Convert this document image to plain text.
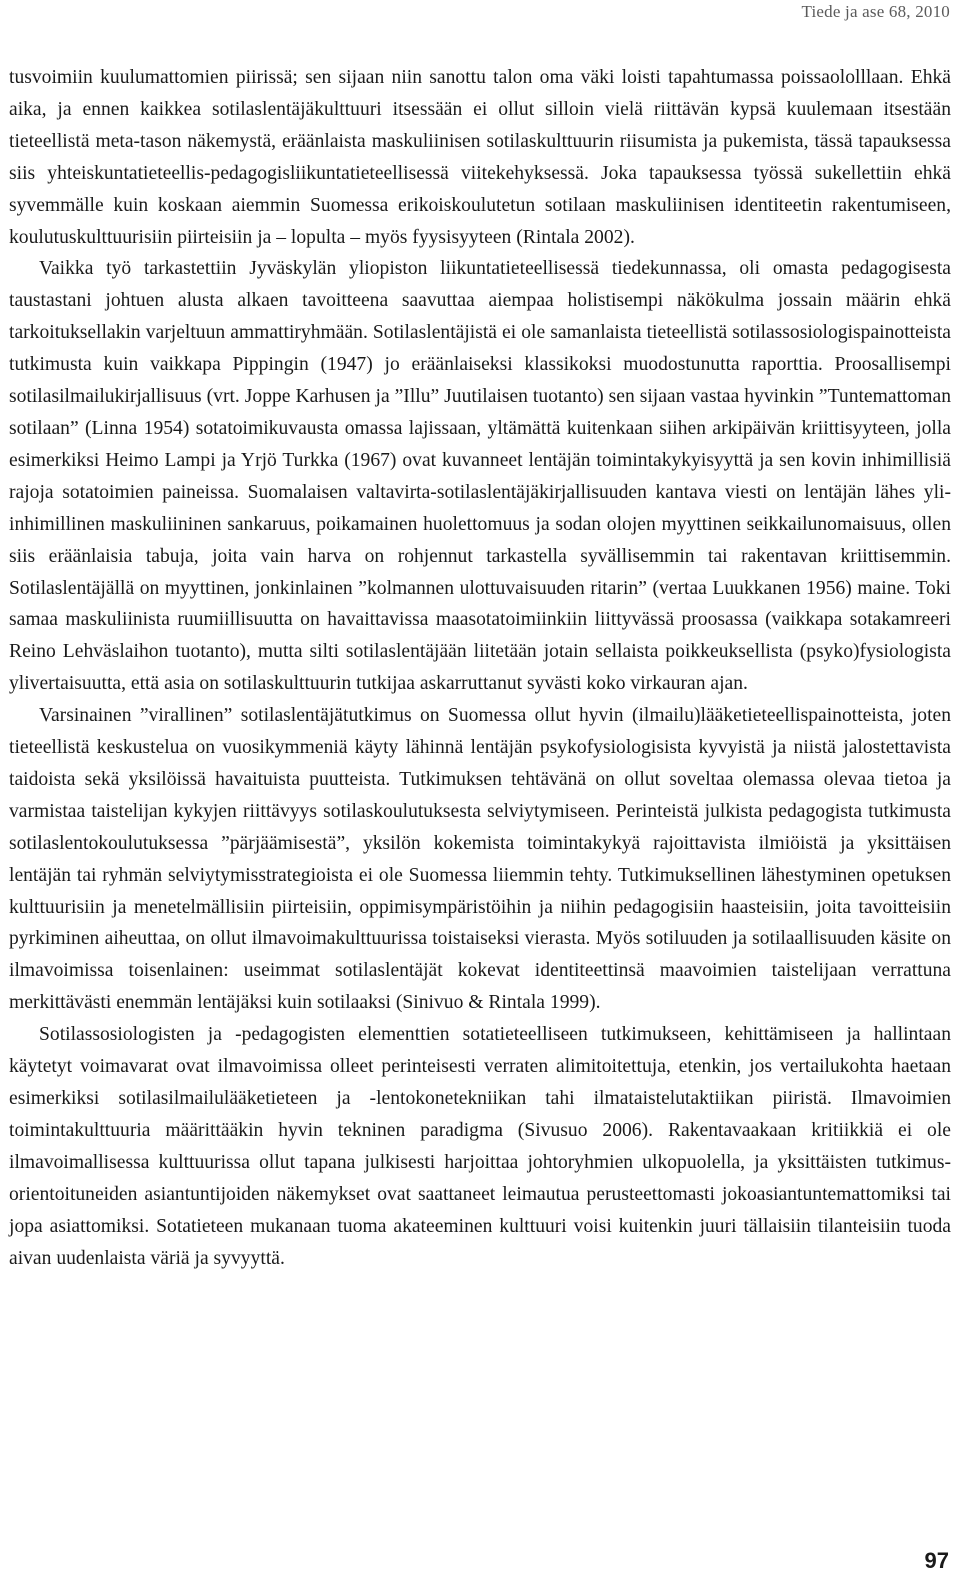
Tiede ja ase 68, 2010

tusvoimiin kuulumattomien piirissä; sen sijaan niin sanottu talon oma väki loisti tapahtumassa poissaololllaan. Ehkä aika, ja ennen kaikkea sotilaslentäjäkulttuuri itsessään ei ollut silloin vielä riittävän kypsä kuulemaan itsestään tieteellistä meta-tason näkemystä, eräänlaista maskuliinisen sotilaskulttuurin riisumista ja pukemista, tässä tapauksessa siis yhteiskuntatieteellis-pedagogisliikuntatieteellisessä viitekehyksessä. Joka tapauksessa työssä sukellettiin ehkä syvemmälle kuin koskaan aiemmin Suomessa erikoiskoulutetun sotilaan maskuliinisen identiteetin rakentumiseen, koulutuskulttuurisiin piirteisiin ja – lopulta – myös fyysisyyteen (Rintala 2002).

Vaikka työ tarkastettiin Jyväskylän yliopiston liikuntatieteellisessä tiedekunnassa, oli omasta pedagogisesta taustastani johtuen alusta alkaen tavoitteena saavuttaa aiempaa holistisempi näkökulma jossain määrin ehkä tarkoituksellakin varjeltuun ammattiryhmään. Sotilaslentäjistä ei ole samanlaista tieteellistä sotilassosiologispainotteista tutkimusta kuin vaikkapa Pippingin (1947) jo eräänlaiseksi klassikoksi muodostunutta raporttia. Proosallisempi sotilasilmailukirjallisuus (vrt. Joppe Karhusen ja ”Illu” Juutilaisen tuotanto) sen sijaan vastaa hyvinkin ”Tuntemattoman sotilaan” (Linna 1954) sotatoimikuvausta omassa lajissaan, yltämättä kuitenkaan siihen arkipäivän kriittisyyteen, jolla esimerkiksi Heimo Lampi ja Yrjö Turkka (1967) ovat kuvanneet lentäjän toimintakykyisyyttä ja sen kovin inhimillisiä rajoja sotatoimien paineissa. Suomalaisen valtavirta-sotilaslentäjäkirjallisuuden kantava viesti on lentäjän lähes yli-inhimillinen maskuliininen sankaruus, poikamainen huolettomuus ja sodan olojen myyttinen seikkailunomaisuus, ollen siis eräänlaisia tabuja, joita vain harva on rohjennut tarkastella syvällisemmin tai rakentavan kriittisemmin. Sotilaslentäjällä on myyttinen, jonkinlainen ”kolmannen ulottuvaisuuden ritarin” (vertaa Luukkanen 1956) maine. Toki samaa maskuliinista ruumiillisuutta on havaittavissa maasotatoimiinkiin liittyvässä proosassa (vaikkapa sotakamreeri Reino Lehväslaihon tuotanto), mutta silti sotilaslentäjään liitetään jotain sellaista poikkeuksellista (psyko)fysiologista ylivertaisuutta, että asia on sotilaskulttuurin tutkijaa askarruttanut syvästi koko virkauran ajan.

Varsinainen ”virallinen” sotilaslentäjätutkimus on Suomessa ollut hyvin (ilmailu)lääketieteellispainotteista, joten tieteellistä keskustelua on vuosikymmeniä käyty lähinnä lentäjän psykofysiologisista kyvyistä ja niistä jalostettavista taidoista sekä yksilöissä havaituista puutteista. Tutkimuksen tehtävänä on ollut soveltaa olemassa olevaa tietoa ja varmistaa taistelijan kykyjen riittävyys sotilaskoulutuksesta selviytymiseen. Perinteistä julkista pedagogista tutkimusta sotilaslentokoulutuksessa ”pärjäämisestä”, yksilön kokemista toimintakykyä rajoittavista ilmiöistä ja yksittäisen lentäjän tai ryhmän selviytymisstrategioista ei ole Suomessa liiemmin tehty. Tutkimuksellinen lähestyminen opetuksen kulttuurisiin ja menetelmällisiin piirteisiin, oppimisympäristöihin ja niihin pedagogisiin haasteisiin, joita tavoitteisiin pyrkiminen aiheuttaa, on ollut ilmavoimakulttuurissa toistaiseksi vierasta. Myös sotiluuden ja sotilaallisuuden käsite on ilmavoimissa toisenlainen: useimmat sotilaslentäjät kokevat identiteettinsä maavoimien taistelijaan verrattuna merkittävästi enemmän lentäjäksi kuin sotilaaksi (Sinivuo & Rintala 1999).

Sotilassosiologisten ja -pedagogisten elementtien sotatieteelliseen tutkimukseen, kehittämiseen ja hallintaan käytetyt voimavarat ovat ilmavoimissa olleet perinteisesti verraten alimitoitettuja, etenkin, jos vertailukohta haetaan esimerkiksi sotilasilmailulääketieteen ja -lentokonetekniikan tahi ilmataistelutaktiikan piiristä. Ilmavoimien toimintakulttuuria määrittääkin hyvin tekninen paradigma (Sivusuo 2006). Rakentavaakaan kritiikkiä ei ole ilmavoimallisessa kulttuurissa ollut tapana julkisesti harjoittaa johtoryhmien ulkopuolella, ja yksittäisten tutkimusorientoituneiden asiantuntijoiden näkemykset ovat saattaneet leimautua perusteettomasti jokoasiantuntemattomiksi tai jopa asiattomiksi. Sotatieteen mukanaan tuoma akateeminen kulttuuri voisi kuitenkin juuri tällaisiin tilanteisiin tuoda aivan uudenlaista väriä ja syvyyttä.

97
